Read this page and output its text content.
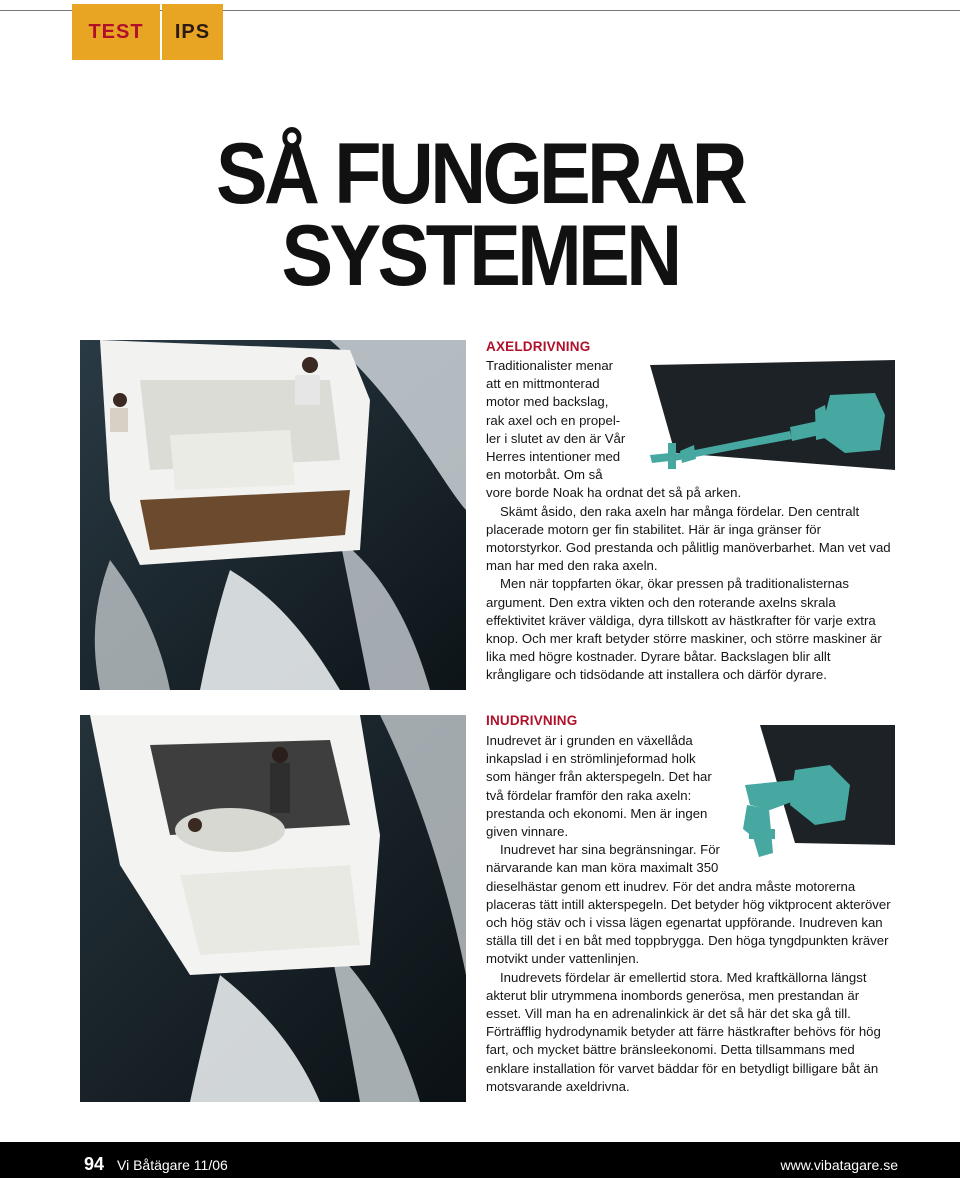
TEST	IPS
SÅ FUNGERAR
SYSTEMEN
AXELDRIVNING

Traditionalister menar
att en mittmonterad
motor med backslag,
rak axel och en propel-
ler i slutet av den är Vår
Herres intentioner med
en motorbåt. Om så
vore borde Noak ha ordnat det så på arken.

Skämt åsido, den raka axeln har många fördelar. Den centralt placerade motorn ger fin stabilitet. Här är inga gränser för motorstyrkor. God prestanda och pålitlig manöverbarhet. Man vet vad man har med den raka axeln.

Men när toppfarten ökar, ökar pressen på traditionalisternas argument. Den extra vikten och den roterande axelns skrala effektivitet kräver väldiga, dyra tillskott av hästkrafter för varje extra knop. Och mer kraft betyder större maskiner, och större maskiner är lika med högre kostnader. Dyrare båtar. Backslagen blir allt krångligare och tidsödande att installera och därför dyrare.

INUDRIVNING

Inudrevet är i grunden en växellåda
inkapslad i en strömlinjeformad holk
som hänger från akterspegeln. Det har
två fördelar framför den raka axeln:
prestanda och ekonomi. Men är ingen
given vinnare.

Inudrevet har sina begränsningar. För
närvarande kan man köra maximalt 350
dieselhästar genom ett inudrev. För det andra måste motorerna placeras tätt intill akterspegeln. Det betyder hög viktprocent akteröver och hög stäv och i vissa lägen egenartat uppförande. Inudreven kan ställa till det i en båt med toppbrygga. Den höga tyngdpunkten kräver motvikt under vattenlinjen.

Inudrevets fördelar är emellertid stora. Med kraftkällorna längst akterut blir utrymmena inombords generösa, men prestandan är esset. Vill man ha en adrenalinkick är det så här det ska gå till. Förträfflig hydrodynamik betyder att färre hästkrafter behövs för hög fart, och mycket bättre bränsleekonomi. Detta tillsammans med enklare installation för varvet bäddar för en betydligt billigare båt än motsvarande axeldrivna.

94 Vi Båtägare 11/06	www.vibatagare.se
